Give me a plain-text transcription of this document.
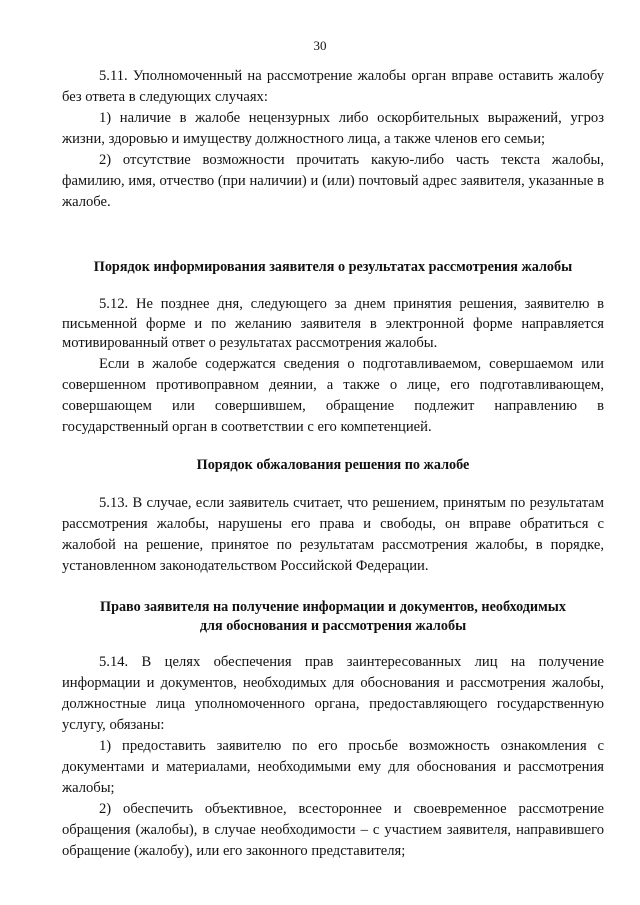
30

5.11. Уполномоченный на рассмотрение жалобы орган вправе оставить жалобу без ответа в следующих случаях:

1) наличие в жалобе нецензурных либо оскорбительных выражений, угроз жизни, здоровью и имуществу должностного лица, а также членов его семьи;

2) отсутствие возможности прочитать какую-либо часть текста жалобы, фамилию, имя, отчество (при наличии) и (или) почтовый адрес заявителя, указанные в жалобе.

Порядок информирования заявителя о результатах рассмотрения жалобы

5.12. Не позднее дня, следующего за днем принятия решения, заявителю в письменной форме и по желанию заявителя в электронной форме направляется мотивированный ответ о результатах рассмотрения жалобы.

Если в жалобе содержатся сведения о подготавливаемом, совершаемом или совершенном противоправном деянии, а также о лице, его подготавливающем, совершающем или совершившем, обращение подлежит направлению в государственный орган в соответствии с его компетенцией.

Порядок обжалования решения по жалобе

5.13. В случае, если заявитель считает, что решением, принятым по результатам рассмотрения жалобы, нарушены его права и свободы, он вправе обратиться с жалобой на решение, принятое по результатам рассмотрения жалобы, в порядке, установленном законодательством Российской Федерации.

Право заявителя на получение информации и документов, необходимых
для обоснования и рассмотрения жалобы

5.14. В целях обеспечения прав заинтересованных лиц на получение информации и документов, необходимых для обоснования и рассмотрения жалобы, должностные лица уполномоченного органа, предоставляющего государственную услугу, обязаны:

1) предоставить заявителю по его просьбе возможность ознакомления с документами и материалами, необходимыми ему для обоснования и рассмотрения жалобы;

2) обеспечить объективное, всестороннее и своевременное рассмотрение обращения (жалобы), в случае необходимости – с участием заявителя, направившего обращение (жалобу), или его законного представителя;
